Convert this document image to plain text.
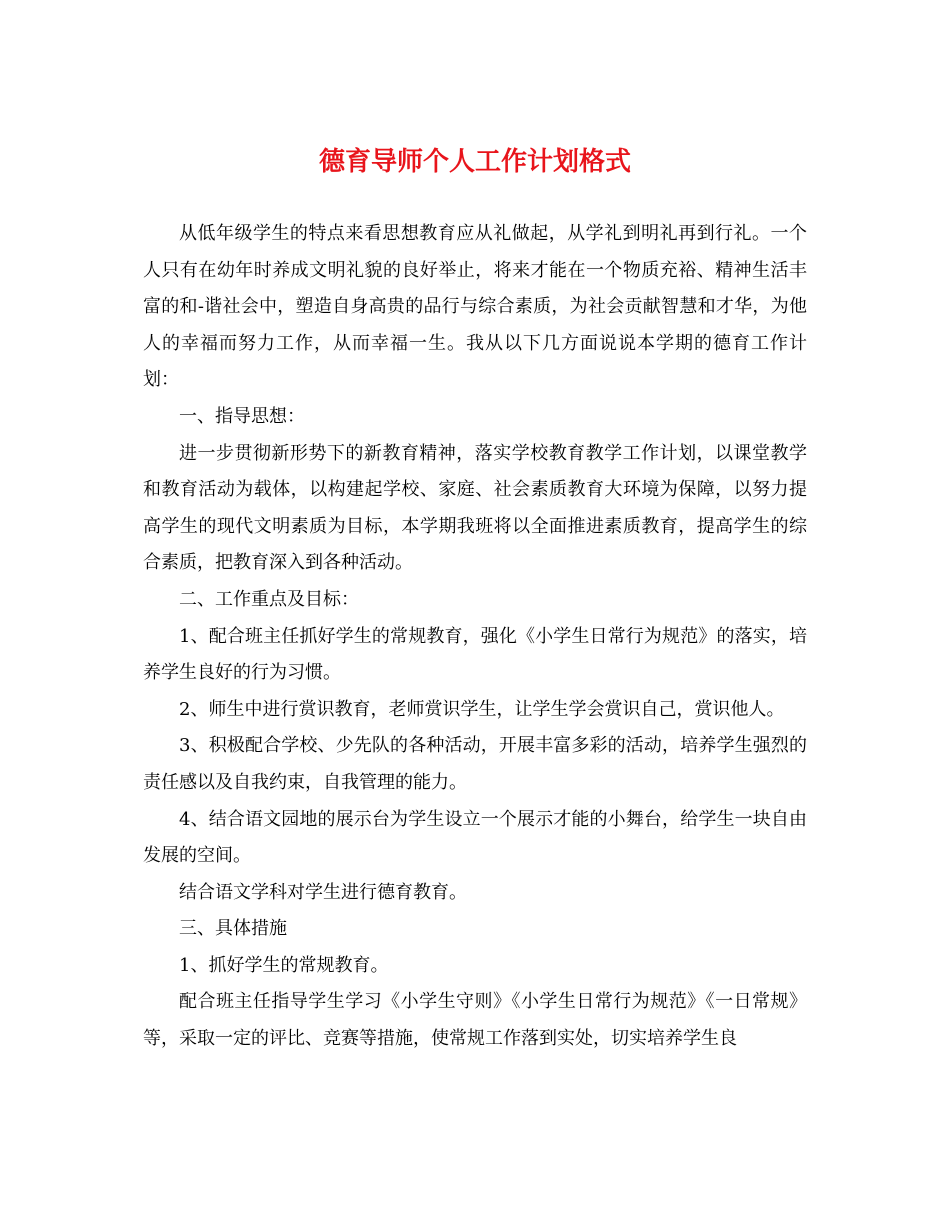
德育导师个人工作计划格式

从低年级学生的特点来看思想教育应从礼做起，从学礼到明礼再到行礼。一个人只有在幼年时养成文明礼貌的良好举止，将来才能在一个物质充裕、精神生活丰富的和-谐社会中，塑造自身高贵的品行与综合素质，为社会贡献智慧和才华，为他人的幸福而努力工作，从而幸福一生。我从以下几方面说说本学期的德育工作计划：

一、指导思想：

进一步贯彻新形势下的新教育精神，落实学校教育教学工作计划，以课堂教学和教育活动为载体，以构建起学校、家庭、社会素质教育大环境为保障，以努力提高学生的现代文明素质为目标，本学期我班将以全面推进素质教育，提高学生的综合素质，把教育深入到各种活动。

二、工作重点及目标：

1、配合班主任抓好学生的常规教育，强化《小学生日常行为规范》的落实，培养学生良好的行为习惯。

2、师生中进行赏识教育，老师赏识学生，让学生学会赏识自己，赏识他人。

3、积极配合学校、少先队的各种活动，开展丰富多彩的活动，培养学生强烈的责任感以及自我约束，自我管理的能力。

4、结合语文园地的展示台为学生设立一个展示才能的小舞台，给学生一块自由发展的空间。

结合语文学科对学生进行德育教育。

三、具体措施

1、抓好学生的常规教育。

配合班主任指导学生学习《小学生守则》《小学生日常行为规范》《一日常规》等，采取一定的评比、竞赛等措施，使常规工作落到实处，切实培养学生良
